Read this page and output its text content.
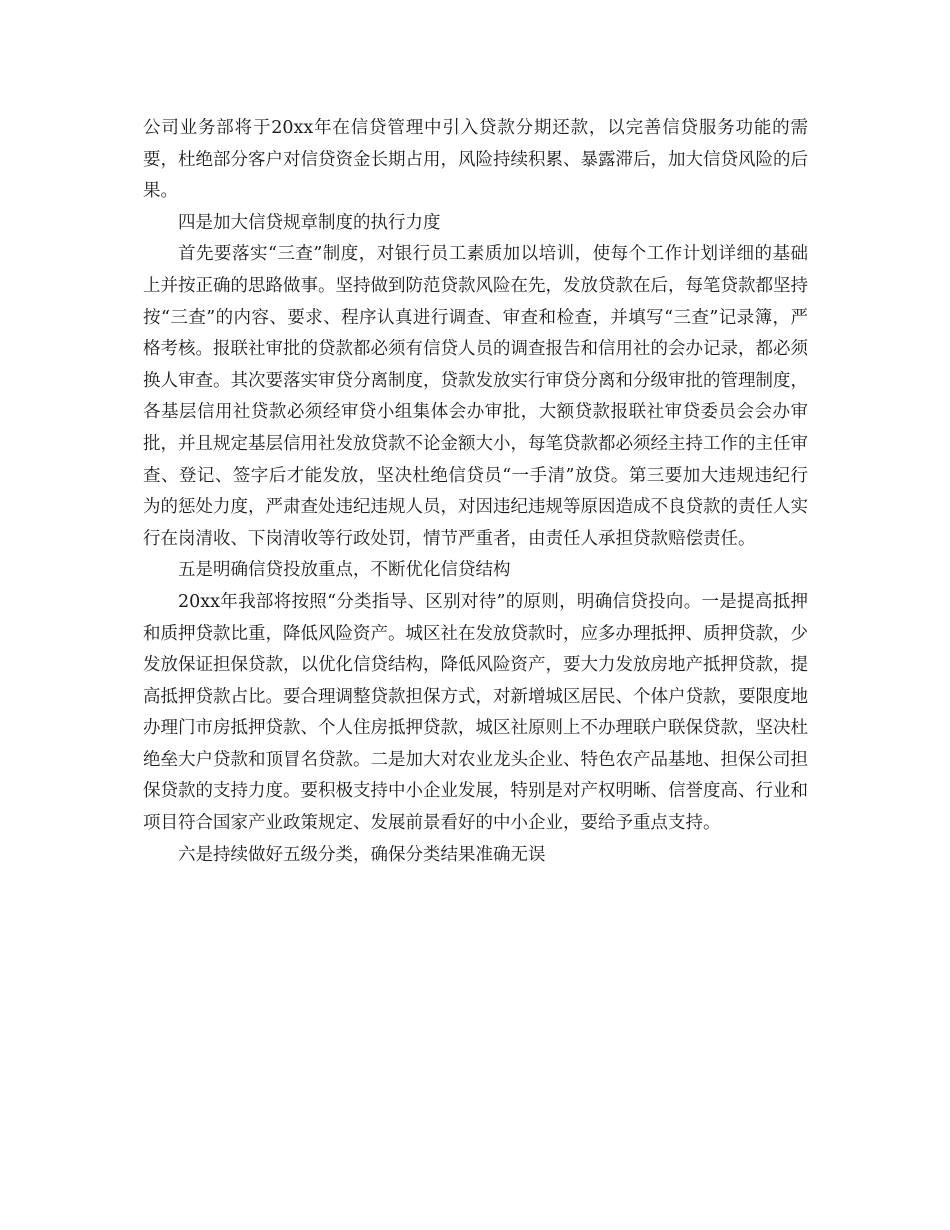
公司业务部将于20xx年在信贷管理中引入贷款分期还款，以完善信贷服务功能的需要，杜绝部分客户对信贷资金长期占用，风险持续积累、暴露滞后，加大信贷风险的后果。

四是加大信贷规章制度的执行力度

首先要落实“三查”制度，对银行员工素质加以培训，使每个工作计划详细的基础上并按正确的思路做事。坚持做到防范贷款风险在先，发放贷款在后，每笔贷款都坚持按“三查”的内容、要求、程序认真进行调查、审查和检查，并填写“三查”记录簿，严格考核。报联社审批的贷款都必须有信贷人员的调查报告和信用社的会办记录，都必须换人审查。其次要落实审贷分离制度，贷款发放实行审贷分离和分级审批的管理制度，各基层信用社贷款必须经审贷小组集体会办审批，大额贷款报联社审贷委员会会办审批，并且规定基层信用社发放贷款不论金额大小，每笔贷款都必须经主持工作的主任审查、登记、签字后才能发放，坚决杜绝信贷员“一手清”放贷。第三要加大违规违纪行为的惩处力度，严肃查处违纪违规人员，对因违纪违规等原因造成不良贷款的责任人实行在岗清收、下岗清收等行政处罚，情节严重者，由责任人承担贷款赔偿责任。

五是明确信贷投放重点，不断优化信贷结构

20xx年我部将按照“分类指导、区别对待”的原则，明确信贷投向。一是提高抵押和质押贷款比重，降低风险资产。城区社在发放贷款时，应多办理抵押、质押贷款，少发放保证担保贷款，以优化信贷结构，降低风险资产，要大力发放房地产抵押贷款，提高抵押贷款占比。要合理调整贷款担保方式，对新增城区居民、个体户贷款，要限度地办理门市房抵押贷款、个人住房抵押贷款，城区社原则上不办理联户联保贷款，坚决杜绝垒大户贷款和顶冒名贷款。二是加大对农业龙头企业、特色农产品基地、担保公司担保贷款的支持力度。要积极支持中小企业发展，特别是对产权明晰、信誉度高、行业和项目符合国家产业政策规定、发展前景看好的中小企业，要给予重点支持。

六是持续做好五级分类，确保分类结果准确无误
